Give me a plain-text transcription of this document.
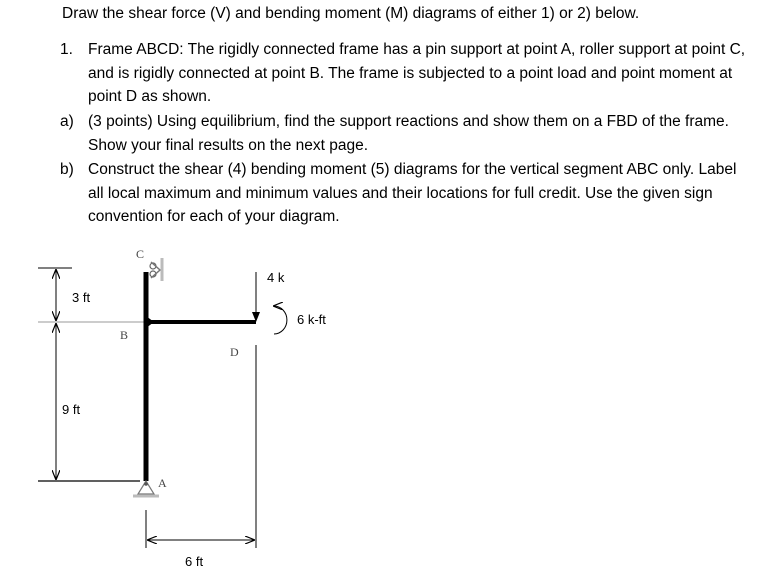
Draw the shear force (V) and bending moment (M) diagrams of either 1) or 2) below.
1. Frame ABCD: The rigidly connected frame has a pin support at point A, roller support at point C, and is rigidly connected at point B. The frame is subjected to a point load and point moment at point D as shown.
a) (3 points) Using equilibrium, find the support reactions and show them on a FBD of the frame. Show your final results on the next page.
b) Construct the shear (4) bending moment (5) diagrams for the vertical segment ABC only. Label all local maximum and minimum values and their locations for full credit. Use the given sign convention for each of your diagram.
3 ft
9 ft
C
A
B
D
4 k
6 k-ft
6 ft
